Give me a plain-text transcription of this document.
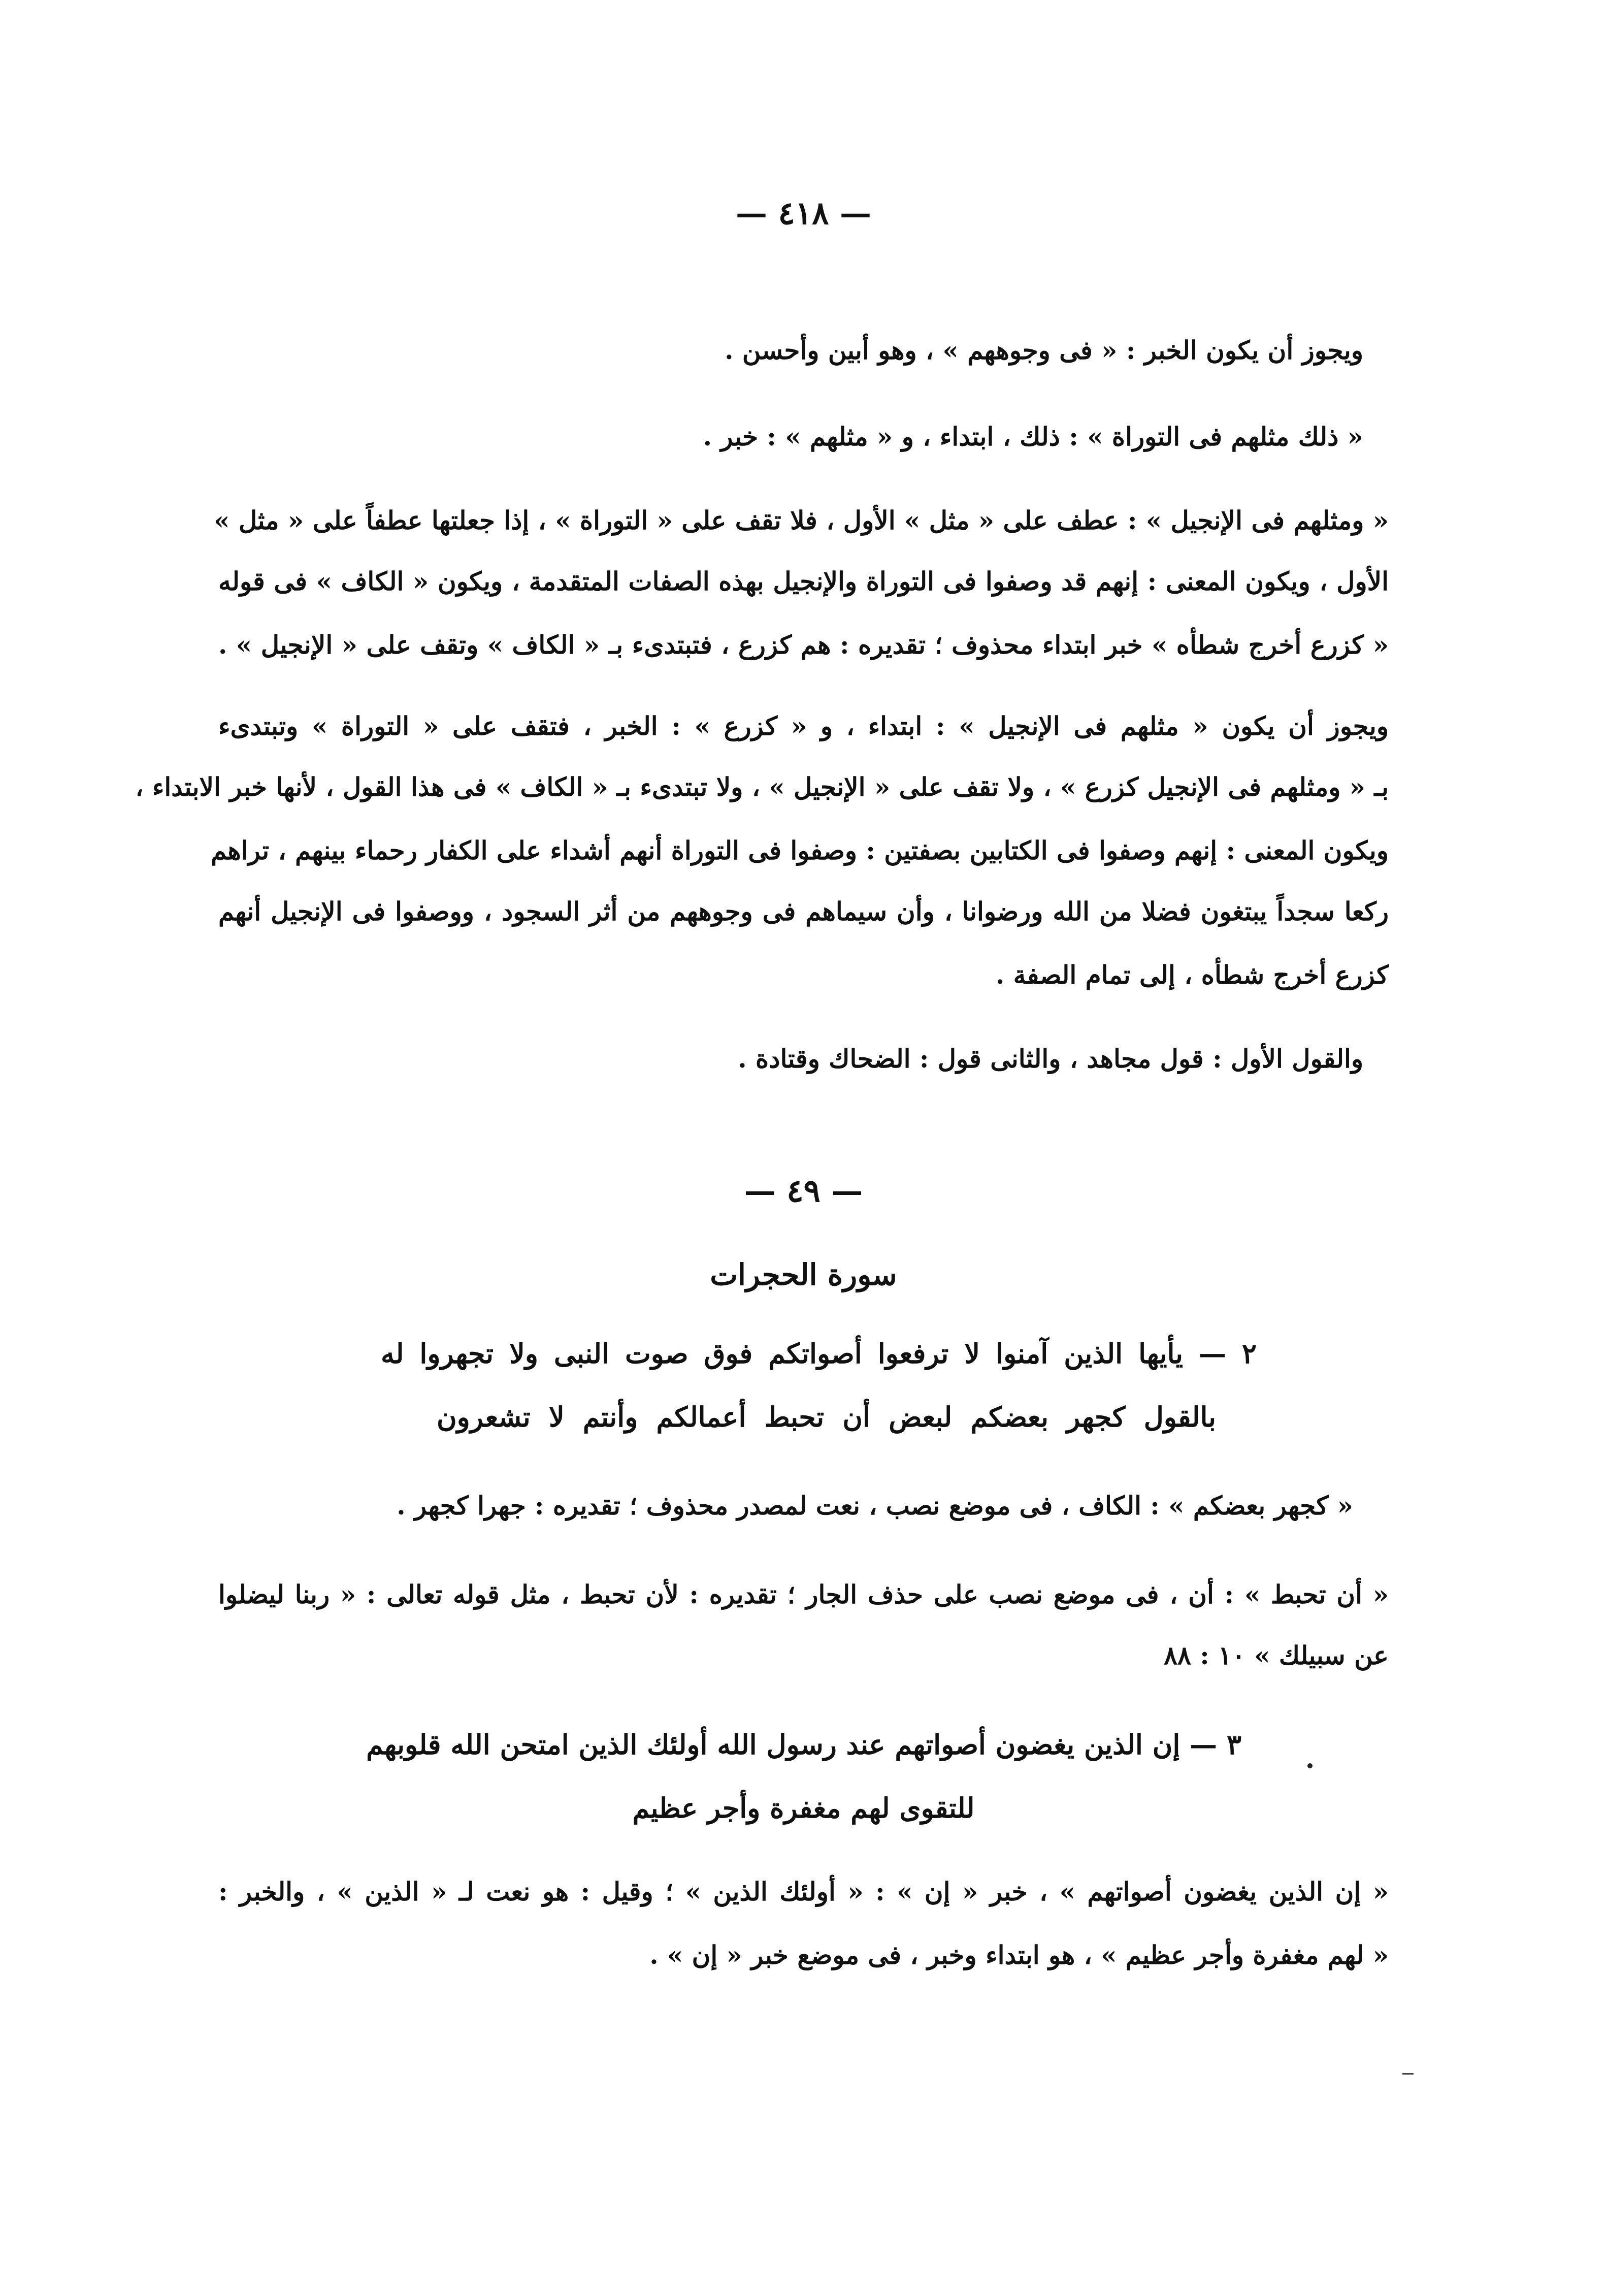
— ٤١٨ —
ويجوز أن يكون الخبر : « فى وجوههم » ، وهو أبين وأحسن .
« ذلك مثلهم فى التوراة » : ذلك ، ابتداء ، و « مثلهم » : خبر .
« ومثلهم فى الإنجيل » : عطف على « مثل » الأول ، فلا تقف على « التوراة » ، إذا جعلتها عطفاً على « مثل »
الأول ، ويكون المعنى : إنهم قد وصفوا فى التوراة والإنجيل بهذه الصفات المتقدمة ، ويكون « الكاف » فى قوله
« كزرع أخرج شطأه » خبر ابتداء محذوف ؛ تقديره : هم كزرع ، فتبتدىء بـ « الكاف » وتقف على « الإنجيل » .
ويجوز أن يكون « مثلهم فى الإنجيل » : ابتداء ، و « كزرع » : الخبر ، فتقف على « التوراة » وتبتدىء
بـ « ومثلهم فى الإنجيل كزرع » ، ولا تقف على « الإنجيل » ، ولا تبتدىء بـ « الكاف » فى هذا القول ، لأنها خبر الابتداء ،
ويكون المعنى : إنهم وصفوا فى الكتابين بصفتين : وصفوا فى التوراة أنهم أشداء على الكفار رحماء بينهم ، تراهم
ركعا سجداً يبتغون فضلا من الله ورضوانا ، وأن سيماهم فى وجوههم من أثر السجود ، ووصفوا فى الإنجيل أنهم
كزرع أخرج شطأه ، إلى تمام الصفة .
والقول الأول : قول مجاهد ، والثانى قول : الضحاك وقتادة .
— ٤٩ —
سورة الحجرات
٢ — يأيها الذين آمنوا لا ترفعوا أصواتكم فوق صوت النبى ولا تجهروا له
بالقول كجهر بعضكم لبعض أن تحبط أعمالكم وأنتم لا تشعرون
« كجهر بعضكم » : الكاف ، فى موضع نصب ، نعت لمصدر محذوف ؛ تقديره : جهرا كجهر .
« أن تحبط » : أن ، فى موضع نصب على حذف الجار ؛ تقديره : لأن تحبط ، مثل قوله تعالى : « ربنا ليضلوا
عن سبيلك » ١٠ : ٨٨
٣ — إن الذين يغضون أصواتهم عند رسول الله أولئك الذين امتحن الله قلوبهم
للتقوى لهم مغفرة وأجر عظيم
« إن الذين يغضون أصواتهم » ، خبر « إن » : « أولئك الذين » ؛ وقيل : هو نعت لـ « الذين » ، والخبر :
« لهم مغفرة وأجر عظيم » ، هو ابتداء وخبر ، فى موضع خبر « إن » .
